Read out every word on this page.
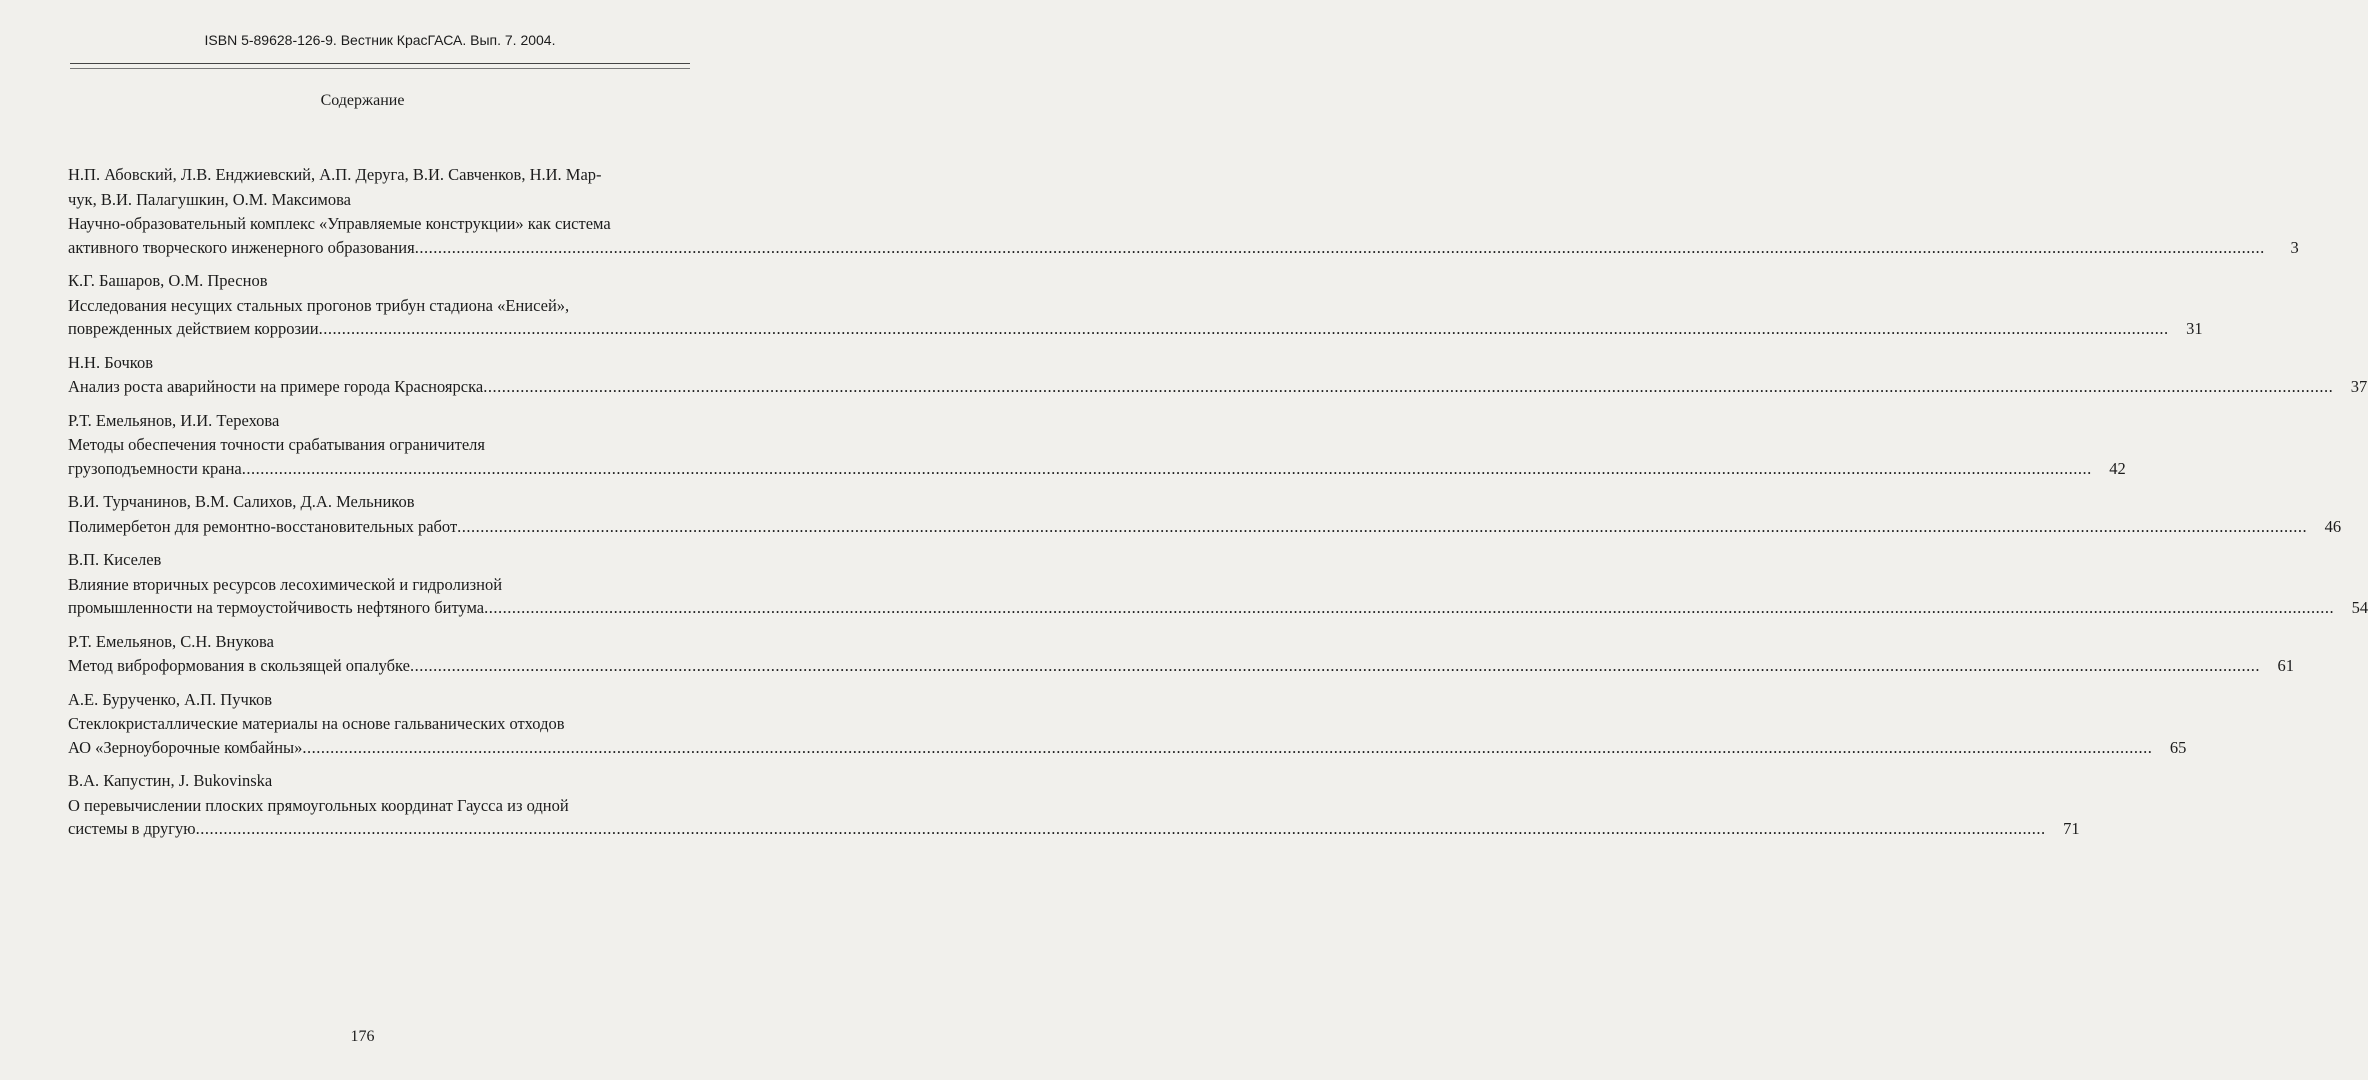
ISBN 5-89628-126-9. Вестник КрасГАСА. Вып. 7. 2004.
Содержание
Н.П. Абовский, Л.В. Енджиевский, А.П. Деруга, В.И. Савченков, Н.И. Мар-
чук, В.И. Палагушкин, О.М. Максимова
Научно-образовательный комплекс «Управляемые конструкции» как система
активного творческого инженерного образования ................................................................................................................................................................................................................................................................................................................................................................................................................	3
К.Г. Башаров, О.М. Преснов
Исследования несущих стальных прогонов трибун стадиона «Енисей»,
поврежденных действием коррозии ................................................................................................................................................................................................................................................................................................................................................................................................................	31
Н.Н. Бочков
Анализ роста аварийности на примере города Красноярска ................................................................................................................................................................................................................................................................................................................................................................................................................	37
Р.Т. Емельянов, И.И. Терехова
Методы обеспечения точности срабатывания ограничителя
грузоподъемности крана ................................................................................................................................................................................................................................................................................................................................................................................................................	42
В.И. Турчанинов, В.М. Салихов, Д.А. Мельников
Полимербетон для ремонтно-восстановительных работ ................................................................................................................................................................................................................................................................................................................................................................................................................	46
В.П. Киселев
Влияние вторичных ресурсов лесохимической и гидролизной
промышленности на термоустойчивость нефтяного битума ................................................................................................................................................................................................................................................................................................................................................................................................................	54
Р.Т. Емельянов, С.Н. Внукова
Метод виброформования в скользящей опалубке ................................................................................................................................................................................................................................................................................................................................................................................................................	61
А.Е. Бурученко, А.П. Пучков
Стеклокристаллические материалы на основе гальванических отходов
АО «Зерноуборочные комбайны» ................................................................................................................................................................................................................................................................................................................................................................................................................	65
В.А. Капустин, J. Bukovinska
О перевычислении плоских прямоугольных координат Гаусса из одной
системы в другую ................................................................................................................................................................................................................................................................................................................................................................................................................	71
176
